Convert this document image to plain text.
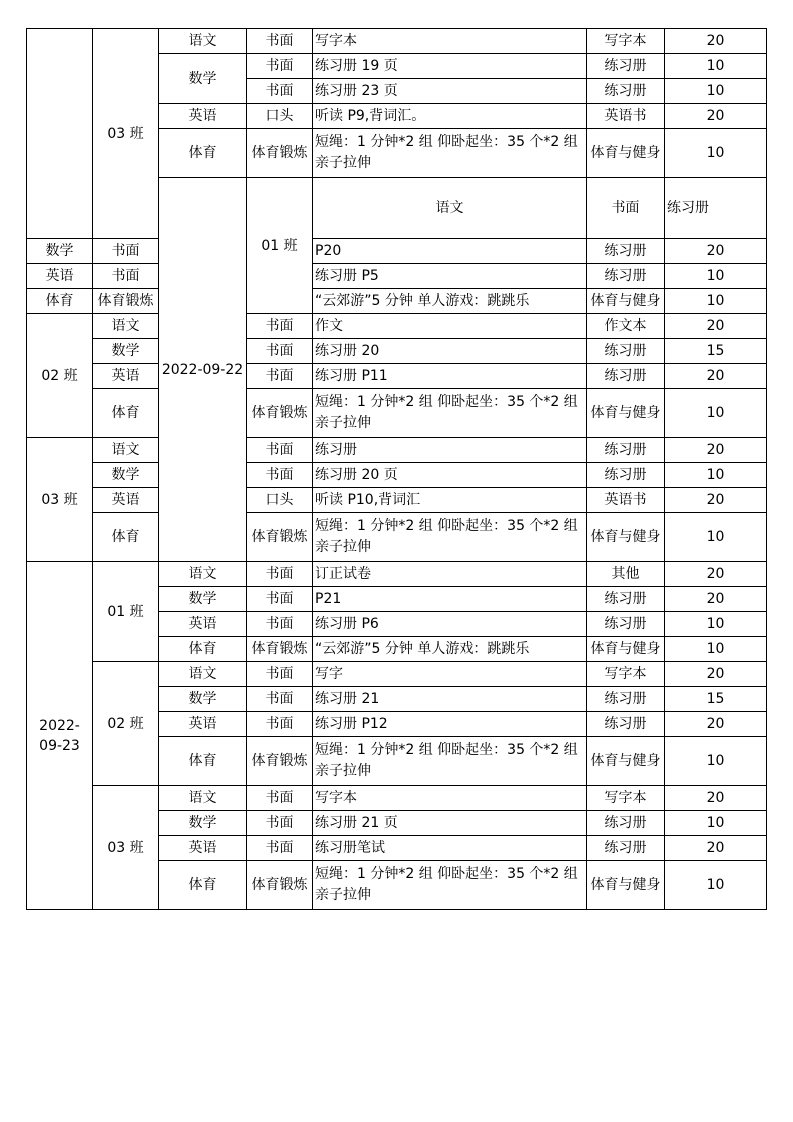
	03 班	语文	书面	写字本	写字本	20	
		数学	书面	练习册 19 页	练习册	10	
			书面	练习册 23 页	练习册	10	
		英语	口头	听读 P9,背词汇。	英语书	20	
		体育	体育锻炼	短绳：1 分钟*2 组 仰卧起坐：35 个*2 组 亲子拉伸	体育与健身	10	
		2022-09-22	01 班	语文	书面	练习册		
数学	书面			P20	练习册	20	
英语	书面			练习册 P5	练习册	10	
体育	体育锻炼			“云郊游”5 分钟 单人游戏：跳跳乐	体育与健身	10	
02 班	语文		书面	作文	作文本	20	
	数学		书面	练习册 20	练习册	15	
	英语		书面	练习册 P11	练习册	20	
	体育		体育锻炼	短绳：1 分钟*2 组 仰卧起坐：35 个*2 组 亲子拉伸	体育与健身	10	
03 班	语文		书面	练习册	练习册	20	
	数学		书面	练习册 20 页	练习册	10	
	英语		口头	听读 P10,背词汇	英语书	20	
	体育		体育锻炼	短绳：1 分钟*2 组 仰卧起坐：35 个*2 组 亲子拉伸	体育与健身	10	
2022-09-23	01 班	语文	书面	订正试卷	其他	20	
		数学	书面	P21	练习册	20	
		英语	书面	练习册 P6	练习册	10	
		体育	体育锻炼	“云郊游”5 分钟 单人游戏：跳跳乐	体育与健身	10	
	02 班	语文	书面	写字	写字本	20	
		数学	书面	练习册 21	练习册	15	
		英语	书面	练习册 P12	练习册	20	
		体育	体育锻炼	短绳：1 分钟*2 组 仰卧起坐：35 个*2 组 亲子拉伸	体育与健身	10	
	03 班	语文	书面	写字本	写字本	20	
		数学	书面	练习册 21 页	练习册	10	
		英语	书面	练习册笔试	练习册	20	
		体育	体育锻炼	短绳：1 分钟*2 组 仰卧起坐：35 个*2 组 亲子拉伸	体育与健身	10	
